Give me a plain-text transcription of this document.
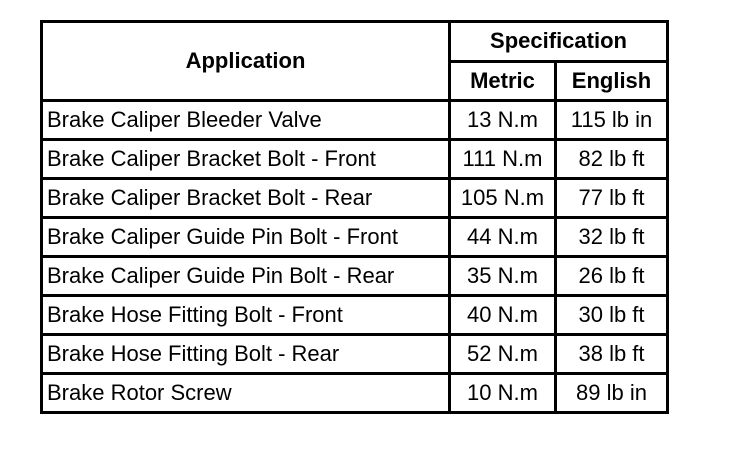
Application	Specification	
	Metric	English
Brake Caliper Bleeder Valve	13 N.m	115 lb in
Brake Caliper Bracket Bolt - Front	111 N.m	82 lb ft
Brake Caliper Bracket Bolt - Rear	105 N.m	77 lb ft
Brake Caliper Guide Pin Bolt - Front	44 N.m	32 lb ft
Brake Caliper Guide Pin Bolt - Rear	35 N.m	26 lb ft
Brake Hose Fitting Bolt - Front	40 N.m	30 lb ft
Brake Hose Fitting Bolt - Rear	52 N.m	38 lb ft
Brake Rotor Screw	10 N.m	89 lb in
